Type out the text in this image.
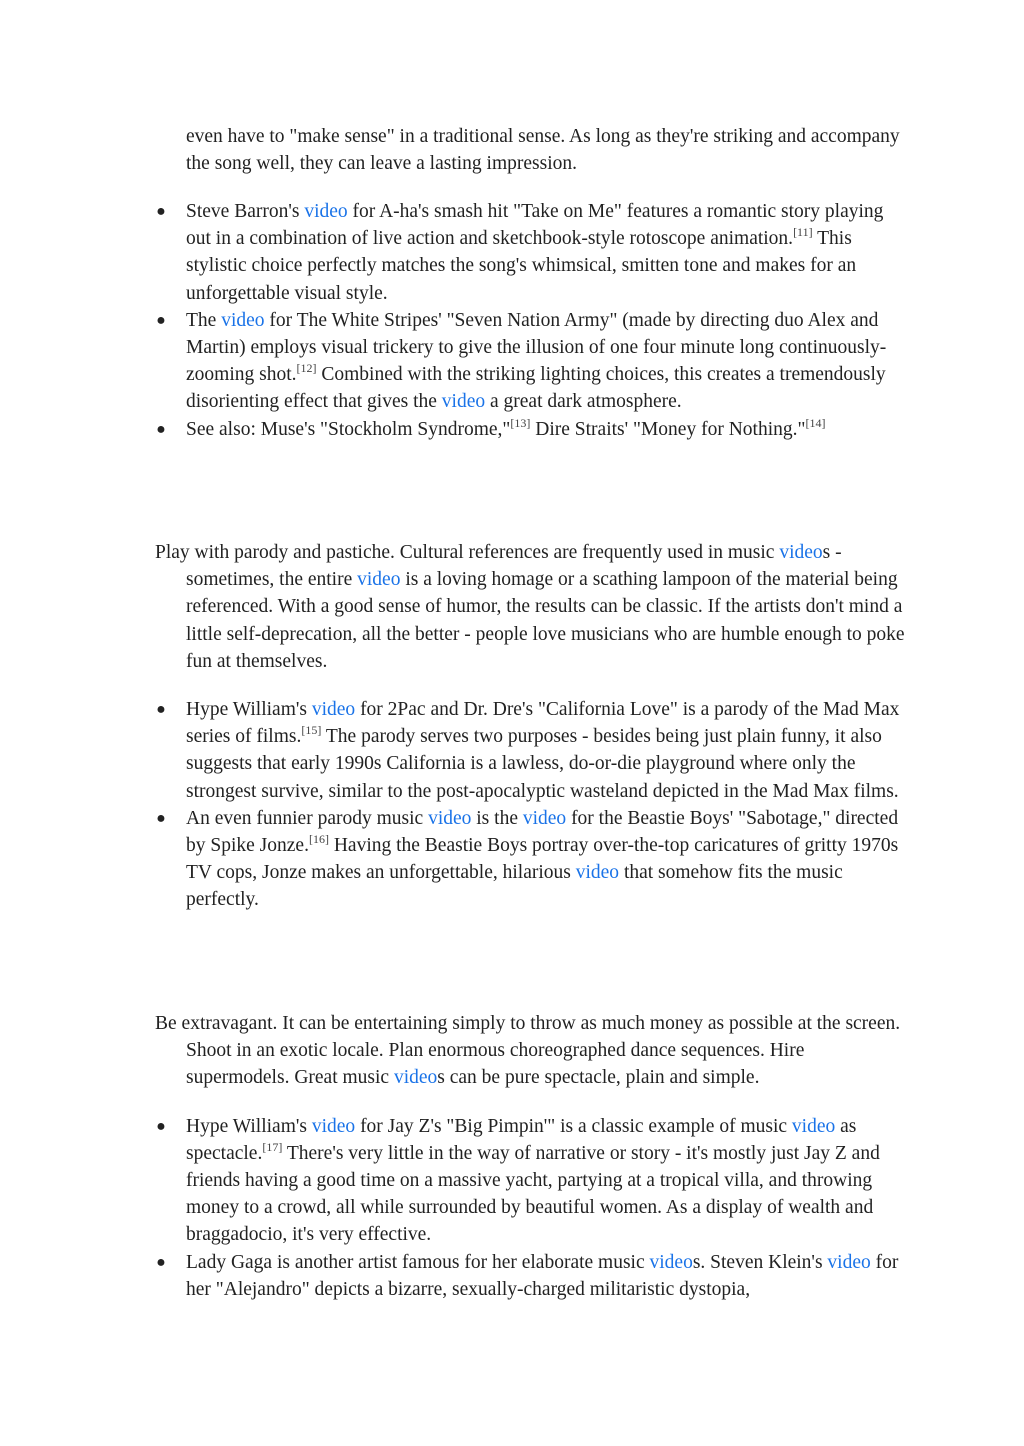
even have to "make sense" in a traditional sense. As long as they're striking and accompany the song well, they can leave a lasting impression.
● Steve Barron's video for A-ha's smash hit "Take on Me" features a romantic story playing out in a combination of live action and sketchbook-style rotoscope animation.[11] This stylistic choice perfectly matches the song's whimsical, smitten tone and makes for an unforgettable visual style.
● The video for The White Stripes' "Seven Nation Army" (made by directing duo Alex and Martin) employs visual trickery to give the illusion of one four minute long continuously-zooming shot.[12] Combined with the striking lighting choices, this creates a tremendously disorienting effect that gives the video a great dark atmosphere.
● See also: Muse's "Stockholm Syndrome,"[13] Dire Straits' "Money for Nothing."[14]
Play with parody and pastiche. Cultural references are frequently used in music videos - sometimes, the entire video is a loving homage or a scathing lampoon of the material being referenced. With a good sense of humor, the results can be classic. If the artists don't mind a little self-deprecation, all the better - people love musicians who are humble enough to poke fun at themselves.
● Hype William's video for 2Pac and Dr. Dre's "California Love" is a parody of the Mad Max series of films.[15] The parody serves two purposes - besides being just plain funny, it also suggests that early 1990s California is a lawless, do-or-die playground where only the strongest survive, similar to the post-apocalyptic wasteland depicted in the Mad Max films.
● An even funnier parody music video is the video for the Beastie Boys' "Sabotage," directed by Spike Jonze.[16] Having the Beastie Boys portray over-the-top caricatures of gritty 1970s TV cops, Jonze makes an unforgettable, hilarious video that somehow fits the music perfectly.
Be extravagant. It can be entertaining simply to throw as much money as possible at the screen. Shoot in an exotic locale. Plan enormous choreographed dance sequences. Hire supermodels. Great music videos can be pure spectacle, plain and simple.
● Hype William's video for Jay Z's "Big Pimpin'" is a classic example of music video as spectacle.[17] There's very little in the way of narrative or story - it's mostly just Jay Z and friends having a good time on a massive yacht, partying at a tropical villa, and throwing money to a crowd, all while surrounded by beautiful women. As a display of wealth and braggadocio, it's very effective.
● Lady Gaga is another artist famous for her elaborate music videos. Steven Klein's video for her "Alejandro" depicts a bizarre, sexually-charged militaristic dystopia,
